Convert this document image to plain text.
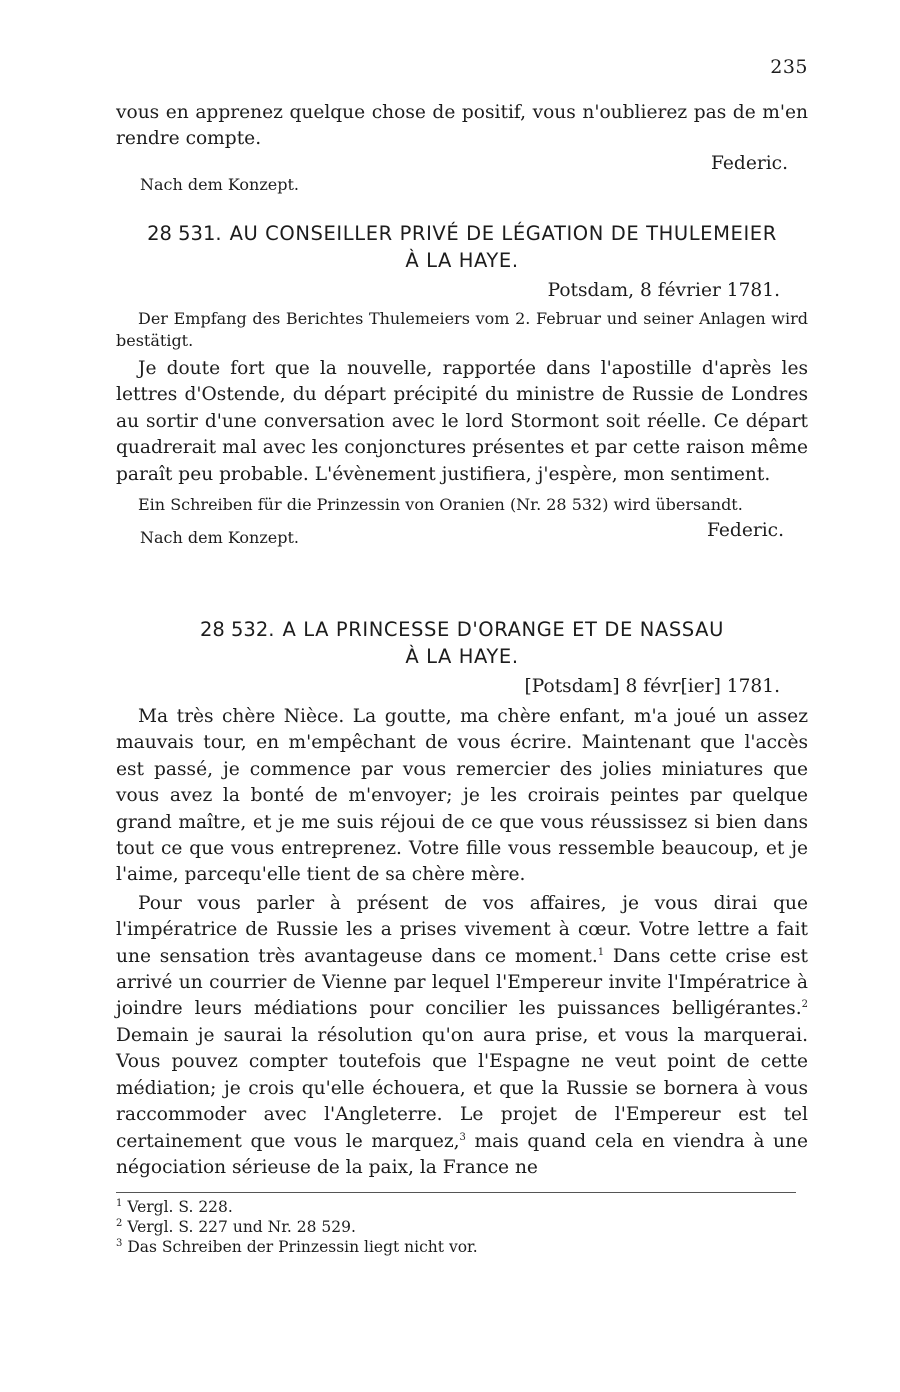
235

vous en apprenez quelque chose de positif, vous n'oublierez pas de m'en rendre compte.

Federic.
Nach dem Konzept.

28 531. AU CONSEILLER PRIVÉ DE LÉGATION DE THULEMEIER

À LA HAYE.

Potsdam, 8 février 1781.

Der Empfang des Berichtes Thulemeiers vom 2. Februar und seiner Anlagen wird bestätigt.

Je doute fort que la nouvelle, rapportée dans l'apostille d'après les lettres d'Ostende, du départ précipité du ministre de Russie de Londres au sortir d'une conversation avec le lord Stormont soit réelle. Ce départ quadrerait mal avec les conjonctures présentes et par cette raison même paraît peu probable. L'évènement justifiera, j'espère, mon sentiment.

Ein Schreiben für die Prinzessin von Oranien (Nr. 28 532) wird übersandt.

Nach dem Konzept.	Federic.

28 532. A LA PRINCESSE D'ORANGE ET DE NASSAU

À LA HAYE.

[Potsdam] 8 févr[ier] 1781.

Ma très chère Nièce. La goutte, ma chère enfant, m'a joué un assez mauvais tour, en m'empêchant de vous écrire. Maintenant que l'accès est passé, je commence par vous remercier des jolies miniatures que vous avez la bonté de m'envoyer; je les croirais peintes par quelque grand maître, et je me suis réjoui de ce que vous réussissez si bien dans tout ce que vous entreprenez. Votre fille vous ressemble beaucoup, et je l'aime, parcequ'elle tient de sa chère mère.

Pour vous parler à présent de vos affaires, je vous dirai que l'impératrice de Russie les a prises vivement à cœur. Votre lettre a fait une sensation très avantageuse dans ce moment.$^1$ Dans cette crise est arrivé un courrier de Vienne par lequel l'Empereur invite l'Impératrice à joindre leurs médiations pour concilier les puissances belligérantes.$^2$ Demain je saurai la résolution qu'on aura prise, et vous la marquerai. Vous pouvez compter toutefois que l'Espagne ne veut point de cette médiation; je crois qu'elle échouera, et que la Russie se bornera à vous raccommoder avec l'Angleterre. Le projet de l'Empereur est tel certainement que vous le marquez,$^3$ mais quand cela en viendra à une négociation sérieuse de la paix, la France ne

$^1$ Vergl. S. 228.

$^2$ Vergl. S. 227 und Nr. 28 529.

$^3$ Das Schreiben der Prinzessin liegt nicht vor.
